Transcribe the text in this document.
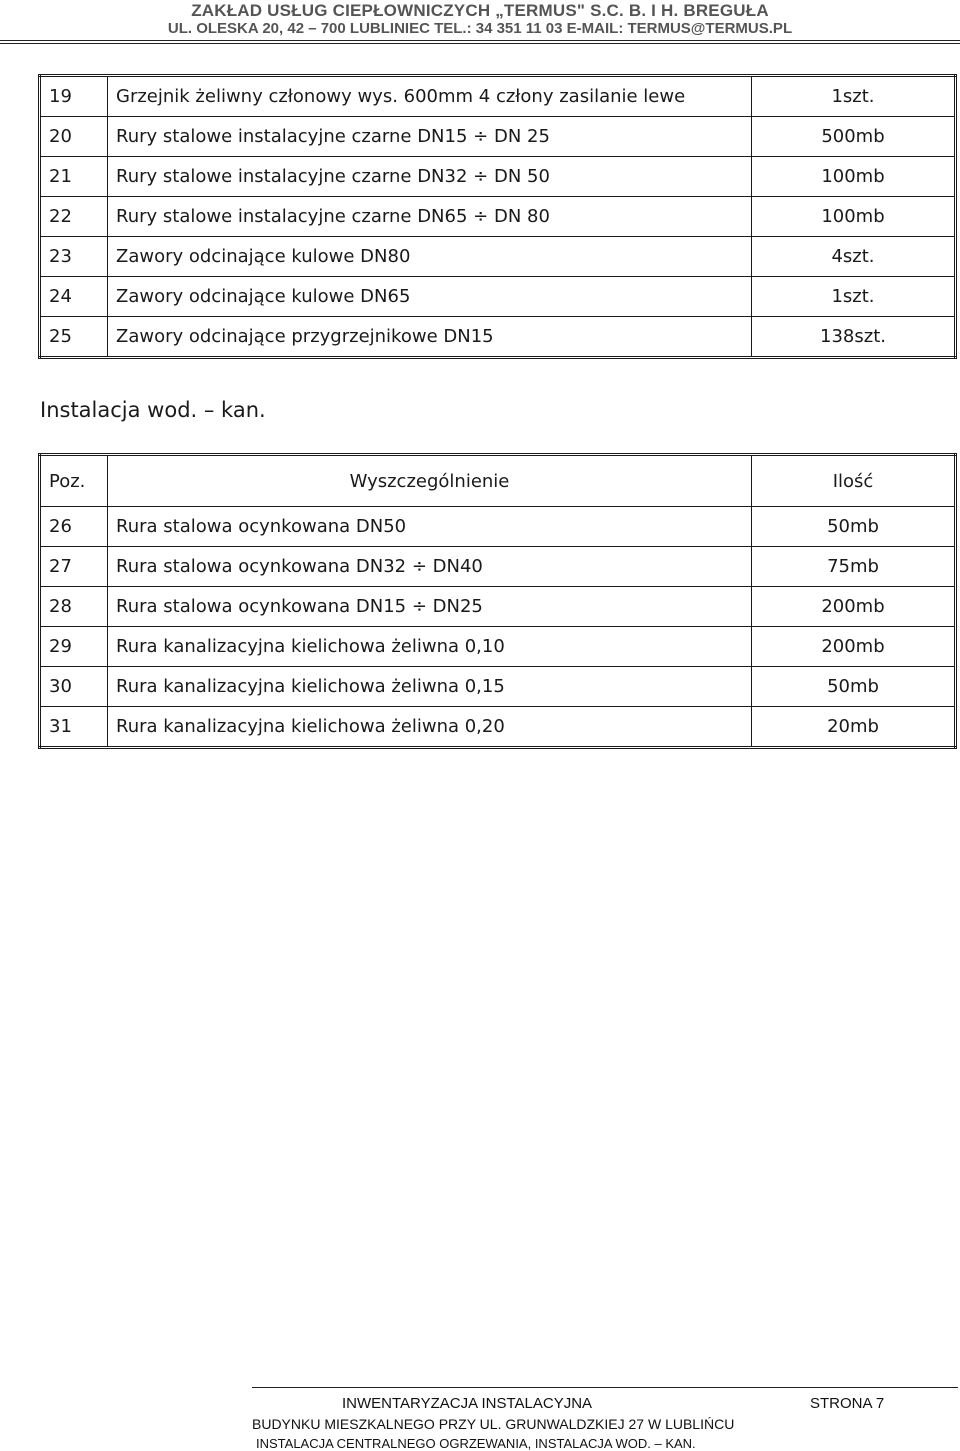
ZAKŁAD USŁUG CIEPŁOWNICZYCH „TERMUS" S.C. B. I H. BREGUŁA
UL. OLESKA 20, 42 – 700 LUBLINIEC TEL.: 34 351 11 03 E-MAIL: TERMUS@TERMUS.PL
19	Grzejnik żeliwny członowy wys. 600mm 4 człony zasilanie lewe	1szt.
20	Rury stalowe instalacyjne czarne DN15 ÷ DN 25	500mb
21	Rury stalowe instalacyjne czarne DN32 ÷ DN 50	100mb
22	Rury stalowe instalacyjne czarne DN65 ÷ DN 80	100mb
23	Zawory odcinające kulowe DN80	4szt.
24	Zawory odcinające kulowe DN65	1szt.
25	Zawory odcinające przygrzejnikowe DN15	138szt.
Instalacja wod. – kan.
Poz.	Wyszczególnienie	Ilość
26	Rura stalowa ocynkowana DN50	50mb
27	Rura stalowa ocynkowana DN32 ÷ DN40	75mb
28	Rura stalowa ocynkowana DN15 ÷ DN25	200mb
29	Rura kanalizacyjna kielichowa żeliwna 0,10	200mb
30	Rura kanalizacyjna kielichowa żeliwna 0,15	50mb
31	Rura kanalizacyjna kielichowa żeliwna 0,20	20mb
INWENTARYZACJA INSTALACYJNA	STRONA 7
BUDYNKU MIESZKALNEGO PRZY UL. GRUNWALDZKIEJ 27 W LUBLIŃCU
INSTALACJA CENTRALNEGO OGRZEWANIA, INSTALACJA WOD. – KAN.
